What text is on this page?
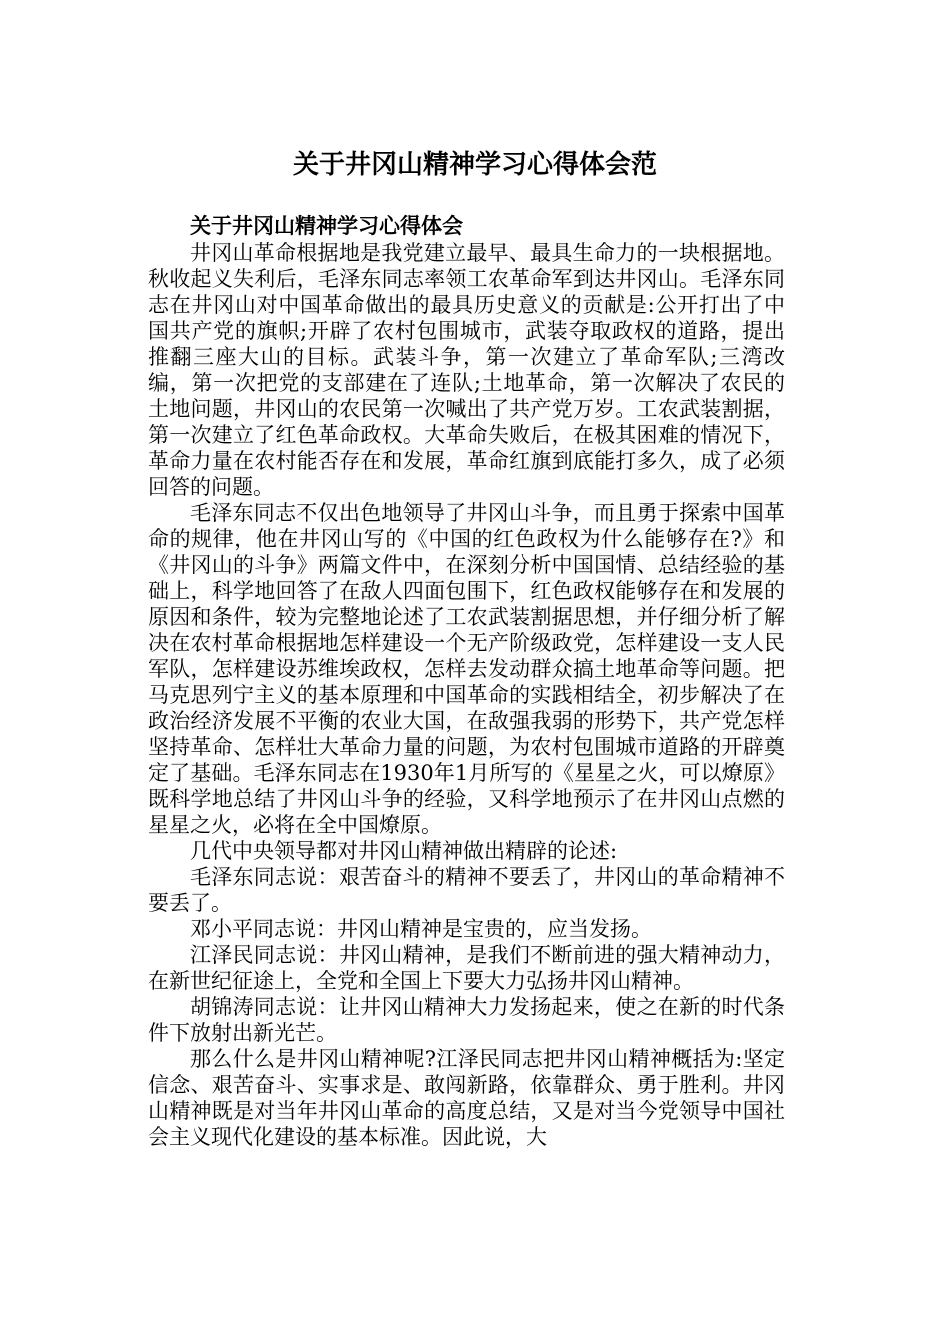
关于井冈山精神学习心得体会范
关于井冈山精神学习心得体会

井冈山革命根据地是我党建立最早、最具生命力的一块根据地。秋收起义失利后，毛泽东同志率领工农革命军到达井冈山。毛泽东同志在井冈山对中国革命做出的最具历史意义的贡献是:公开打出了中国共产党的旗帜;开辟了农村包围城市，武装夺取政权的道路，提出推翻三座大山的目标。武装斗争，第一次建立了革命军队;三湾改编，第一次把党的支部建在了连队;土地革命，第一次解决了农民的土地问题，井冈山的农民第一次喊出了共产党万岁。工农武装割据，第一次建立了红色革命政权。大革命失败后，在极其困难的情况下，革命力量在农村能否存在和发展，革命红旗到底能打多久，成了必须回答的问题。

毛泽东同志不仅出色地领导了井冈山斗争，而且勇于探索中国革命的规律，他在井冈山写的《中国的红色政权为什么能够存在?》和《井冈山的斗争》两篇文件中，在深刻分析中国国情、总结经验的基础上，科学地回答了在敌人四面包围下，红色政权能够存在和发展的原因和条件，较为完整地论述了工农武装割据思想，并仔细分析了解决在农村革命根据地怎样建设一个无产阶级政党，怎样建设一支人民军队，怎样建设苏维埃政权，怎样去发动群众搞土地革命等问题。把马克思列宁主义的基本原理和中国革命的实践相结全，初步解决了在政治经济发展不平衡的农业大国，在敌强我弱的形势下，共产党怎样坚持革命、怎样壮大革命力量的问题，为农村包围城市道路的开辟奠定了基础。毛泽东同志在1930年1月所写的《星星之火，可以燎原》既科学地总结了井冈山斗争的经验，又科学地预示了在井冈山点燃的星星之火，必将在全中国燎原。

几代中央领导都对井冈山精神做出精辟的论述:

毛泽东同志说：艰苦奋斗的精神不要丢了，井冈山的革命精神不要丢了。

邓小平同志说：井冈山精神是宝贵的，应当发扬。

江泽民同志说：井冈山精神，是我们不断前进的强大精神动力，在新世纪征途上，全党和全国上下要大力弘扬井冈山精神。

胡锦涛同志说：让井冈山精神大力发扬起来，使之在新的时代条件下放射出新光芒。

那么什么是井冈山精神呢?江泽民同志把井冈山精神概括为:坚定信念、艰苦奋斗、实事求是、敢闯新路，依靠群众、勇于胜利。井冈山精神既是对当年井冈山革命的高度总结，又是对当今党领导中国社会主义现代化建设的基本标准。因此说，大
